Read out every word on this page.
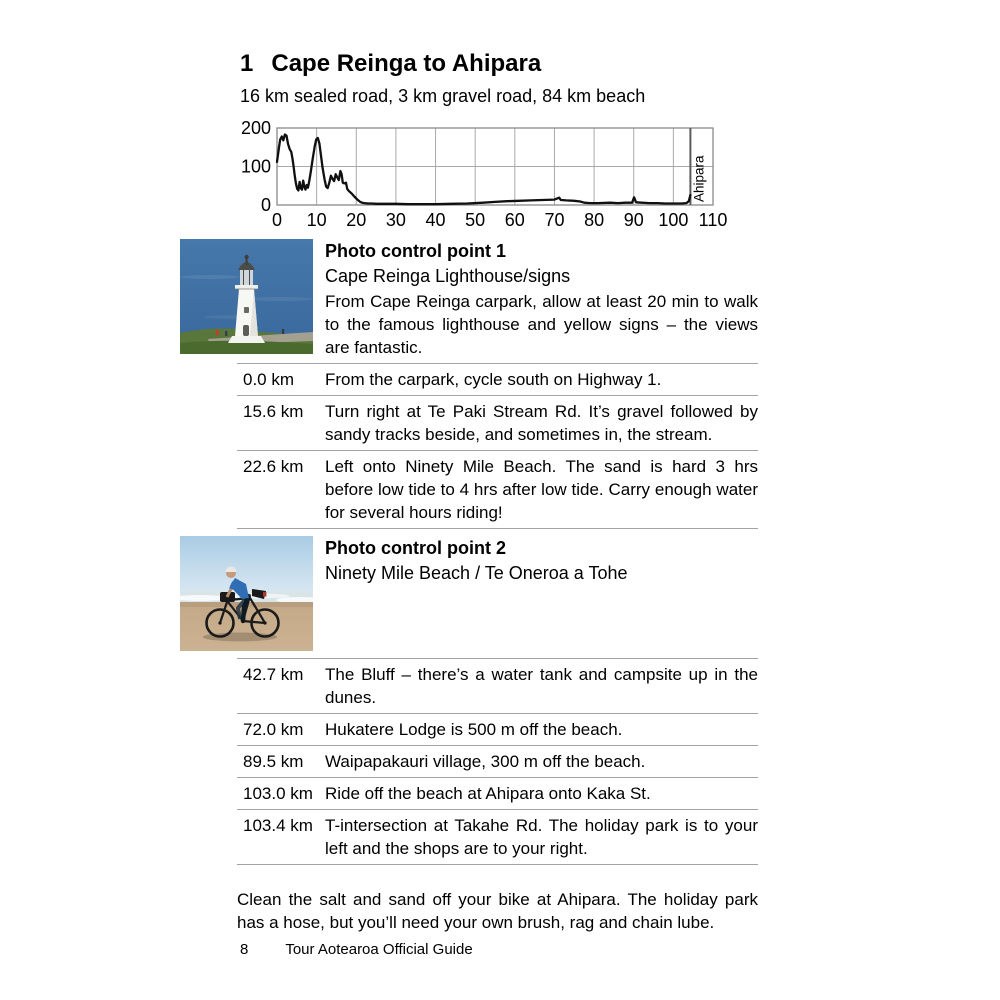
1 Cape Reinga to Ahipara
16 km sealed road, 3 km gravel road, 84 km beach
Ahipara
0 10 20 30 40 50 60 70 80 90 100 110
0
100
200
Photo control point 1
Cape Reinga Lighthouse/signs

From Cape Reinga carpark, allow at least 20 min to walk to the famous lighthouse and yellow signs – the views are fantastic.

0.0 km	From the carpark, cycle south on Highway 1.
15.6 km	Turn right at Te Paki Stream Rd. It’s gravel followed by sandy tracks beside, and sometimes in, the stream.
22.6 km	Left onto Ninety Mile Beach. The sand is hard 3 hrs before low tide to 4 hrs after low tide. Carry enough water for several hours riding!
Photo control point 2
Ninety Mile Beach / Te Oneroa a Tohe
42.7 km	The Bluff – there’s a water tank and campsite up in the dunes.
72.0 km	Hukatere Lodge is 500 m off the beach.
89.5 km	Waipapakauri village, 300 m off the beach.
103.0 km Ride off the beach at Ahipara onto Kaka St.
103.4 km T-intersection at Takahe Rd. The holiday park is to your left and the shops are to your right.

Clean the salt and sand off your bike at Ahipara. The holiday park has a hose, but you’ll need your own brush, rag and chain lube.

8 Tour Aotearoa Official Guide
